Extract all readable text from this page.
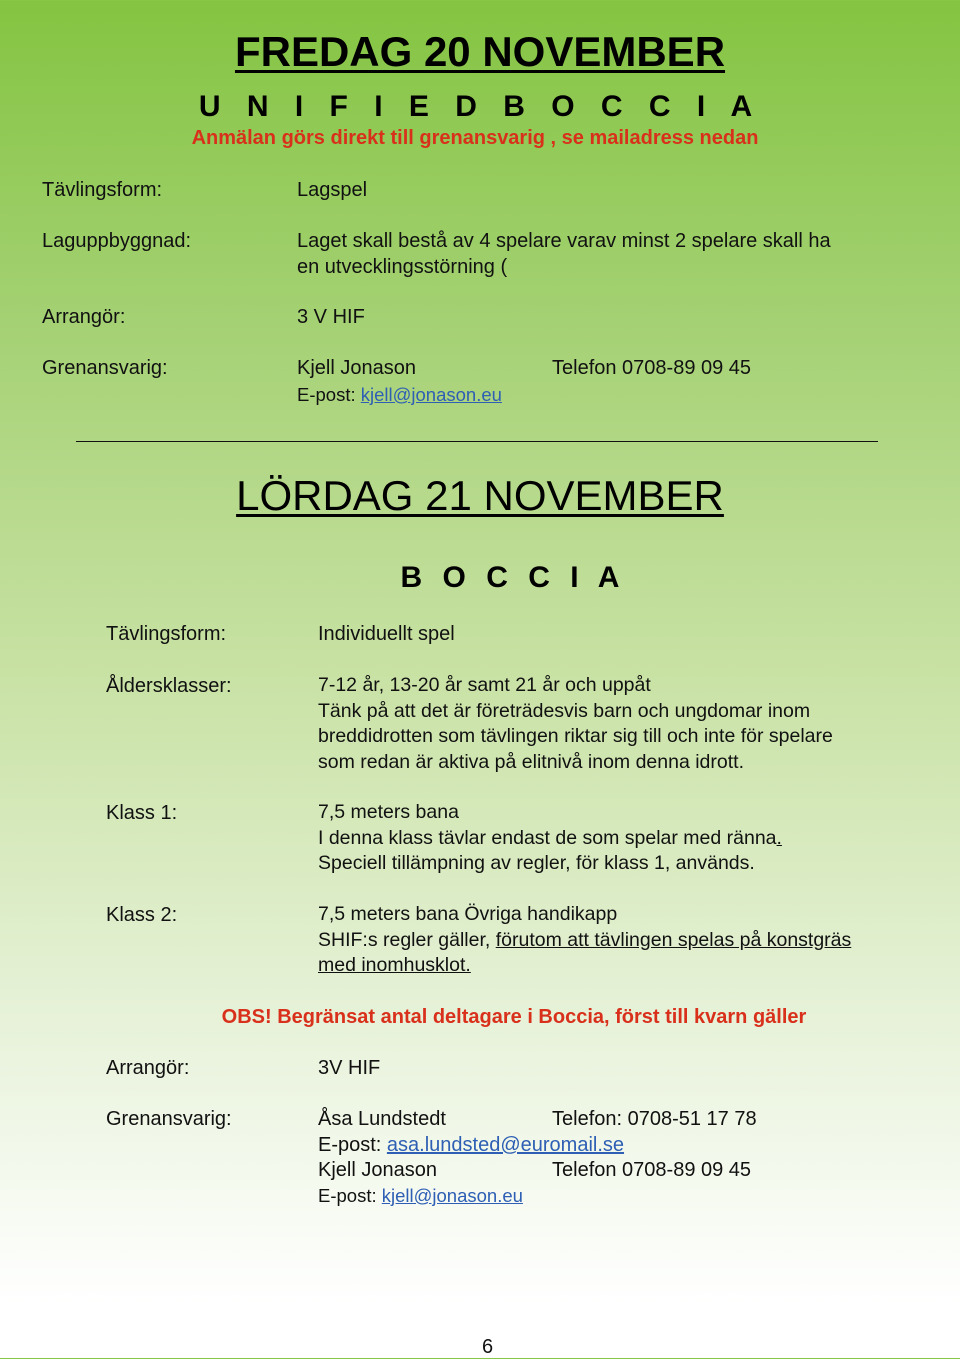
FREDAG 20 NOVEMBER
U N I F I E D B O C C I A
Anmälan görs direkt till grenansvarig , se mailadress nedan
Tävlingsform:	Lagspel
Laguppbyggnad:	Laget skall bestå av 4 spelare varav minst 2 spelare skall ha
en utvecklingsstörning (
Arrangör:	3 V HIF
Grenansvarig:	Kjell Jonason	Telefon 0708-89 09 45
E-post: kjell@jonason.eu
LÖRDAG 21 NOVEMBER
B O C C I A
Tävlingsform:	Individuellt spel
Åldersklasser:	7-12 år, 13-20 år samt 21 år och uppåt
Tänk på att det är företrädesvis barn och ungdomar inom
breddidrotten som tävlingen riktar sig till och inte för spelare
som redan är aktiva på elitnivå inom denna idrott.
Klass 1:	7,5 meters bana
I denna klass tävlar endast de som spelar med ränna.
Speciell tillämpning av regler, för klass 1, används.
Klass 2:	7,5 meters bana Övriga handikapp
SHIF:s regler gäller, förutom att tävlingen spelas på konstgräs
med inomhusklot.
OBS! Begränsat antal deltagare i Boccia, först till kvarn gäller
Arrangör:	3V HIF
Grenansvarig:	Åsa Lundstedt	Telefon: 0708-51 17 78
E-post: asa.lundsted@euromail.se
Kjell Jonason	Telefon 0708-89 09 45
E-post: kjell@jonason.eu
6
